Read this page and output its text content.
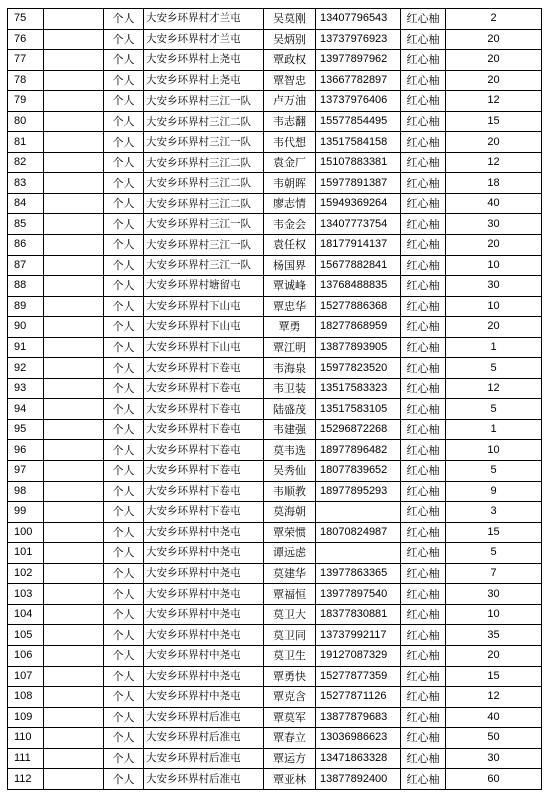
75		个人	大安乡环界村才兰屯	吴莫刚	13407796543	红心柚	2
76		个人	大安乡环界村才兰屯	吴炳别	13737976923	红心柚	20
77		个人	大安乡环界村上尧屯	覃政权	13977897962	红心柚	20
78		个人	大安乡环界村上尧屯	覃智忠	13667782897	红心柚	20
79		个人	大安乡环界村三江一队	卢万油	13737976406	红心柚	12
80		个人	大安乡环界村三江二队	韦志翻	15577854495	红心柚	15
81		个人	大安乡环界村三江一队	韦代想	13517584158	红心柚	20
82		个人	大安乡环界村三江二队	袁金厂	15107883381	红心柚	12
83		个人	大安乡环界村三江二队	韦朝晖	15977891387	红心柚	18
84		个人	大安乡环界村三江二队	廖志情	15949369264	红心柚	40
85		个人	大安乡环界村三江一队	韦金会	13407773754	红心柚	30
86		个人	大安乡环界村三江一队	袁任权	18177914137	红心柚	20
87		个人	大安乡环界村三江一队	杨国界	15677882841	红心柚	10
88		个人	大安乡环界村塘留屯	覃诚峰	13768488835	红心柚	30
89		个人	大安乡环界村下山屯	覃忠华	15277886368	红心柚	10
90		个人	大安乡环界村下山屯	覃勇	18277868959	红心柚	20
91		个人	大安乡环界村下山屯	覃江明	13877893905	红心柚	1
92		个人	大安乡环界村下卷屯	韦海泉	15977823520	红心柚	5
93		个人	大安乡环界村下卷屯	韦卫装	13517583323	红心柚	12
94		个人	大安乡环界村下卷屯	陆盛茂	13517583105	红心柚	5
95		个人	大安乡环界村下卷屯	韦建强	15296872268	红心柚	1
96		个人	大安乡环界村下卷屯	莫韦选	18977896482	红心柚	10
97		个人	大安乡环界村下卷屯	吴秀仙	18077839652	红心柚	5
98		个人	大安乡环界村下卷屯	韦顺教	18977895293	红心柚	9
99		个人	大安乡环界村下卷屯	莫海朝		红心柚	3
100		个人	大安乡环界村中尧屯	覃荣惯	18070824987	红心柚	15
101		个人	大安乡环界村中尧屯	谭远虑		红心柚	5
102		个人	大安乡环界村中尧屯	莫建华	13977863365	红心柚	7
103		个人	大安乡环界村中尧屯	覃福恒	13977897540	红心柚	30
104		个人	大安乡环界村中尧屯	莫卫大	18377830881	红心柚	10
105		个人	大安乡环界村中尧屯	莫卫同	13737992117	红心柚	35
106		个人	大安乡环界村中尧屯	莫卫生	19127087329	红心柚	20
107		个人	大安乡环界村中尧屯	覃勇快	15277877359	红心柚	15
108		个人	大安乡环界村中尧屯	覃克含	15277871126	红心柚	12
109		个人	大安乡环界村后准屯	覃莫军	13877879683	红心柚	40
110		个人	大安乡环界村后准屯	覃春立	13036986623	红心柚	50
111		个人	大安乡环界村后准屯	覃运方	13471863328	红心柚	30
112		个人	大安乡环界村后准屯	覃亚林	13877892400	红心柚	60
